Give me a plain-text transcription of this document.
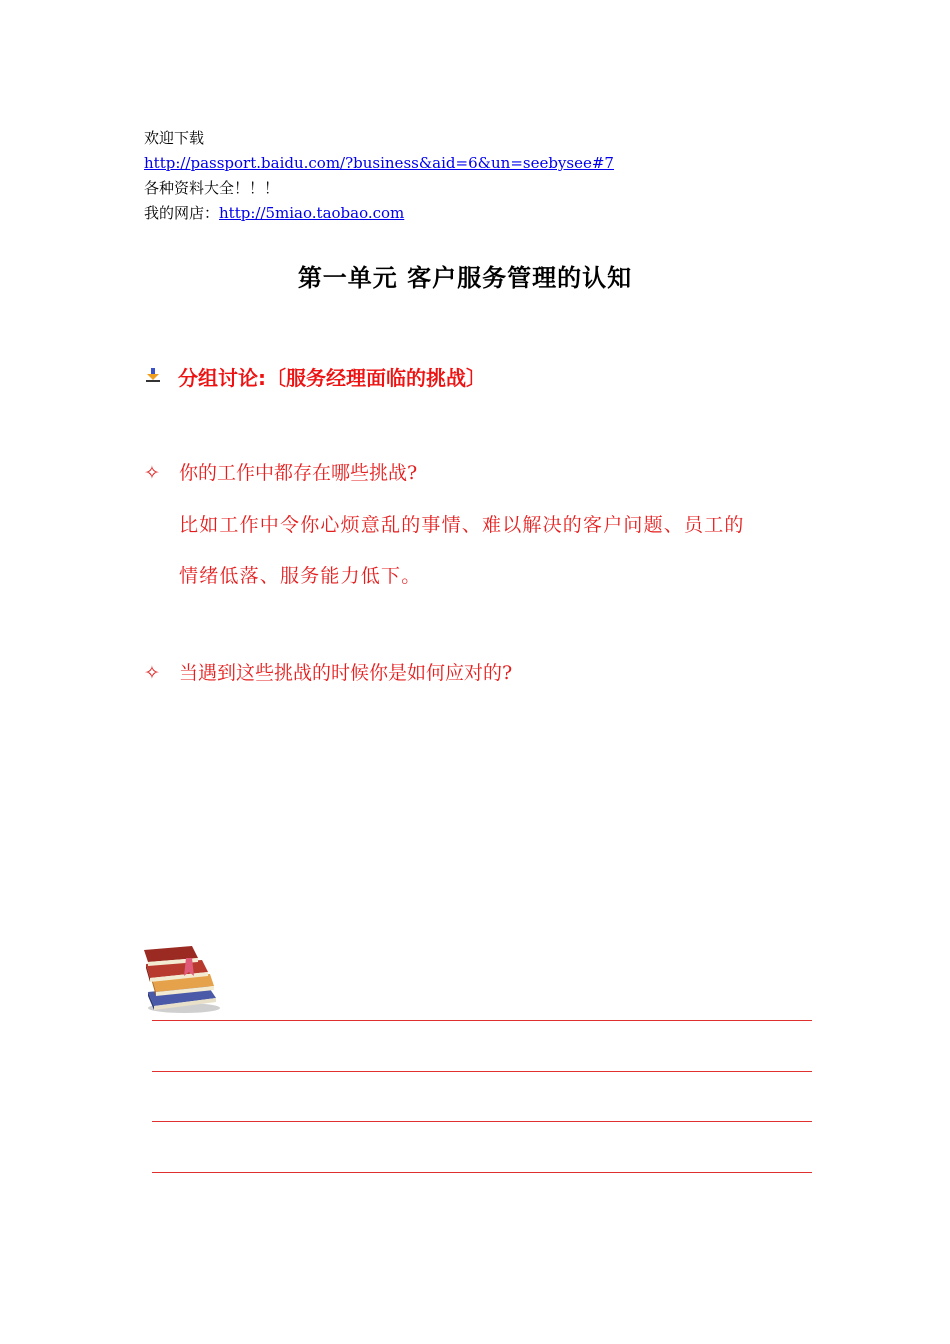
欢迎下载
http://passport.baidu.com/?business&aid=6&un=seebysee#7
各种资料大全！！！
我的网店：http://5miao.taobao.com
第一单元 客户服务管理的认知
分组讨论:〔服务经理面临的挑战〕
✧ 你的工作中都存在哪些挑战?
比如工作中令你心烦意乱的事情、难以解决的客户问题、员工的
情绪低落、服务能力低下。
✧ 当遇到这些挑战的时候你是如何应对的?
